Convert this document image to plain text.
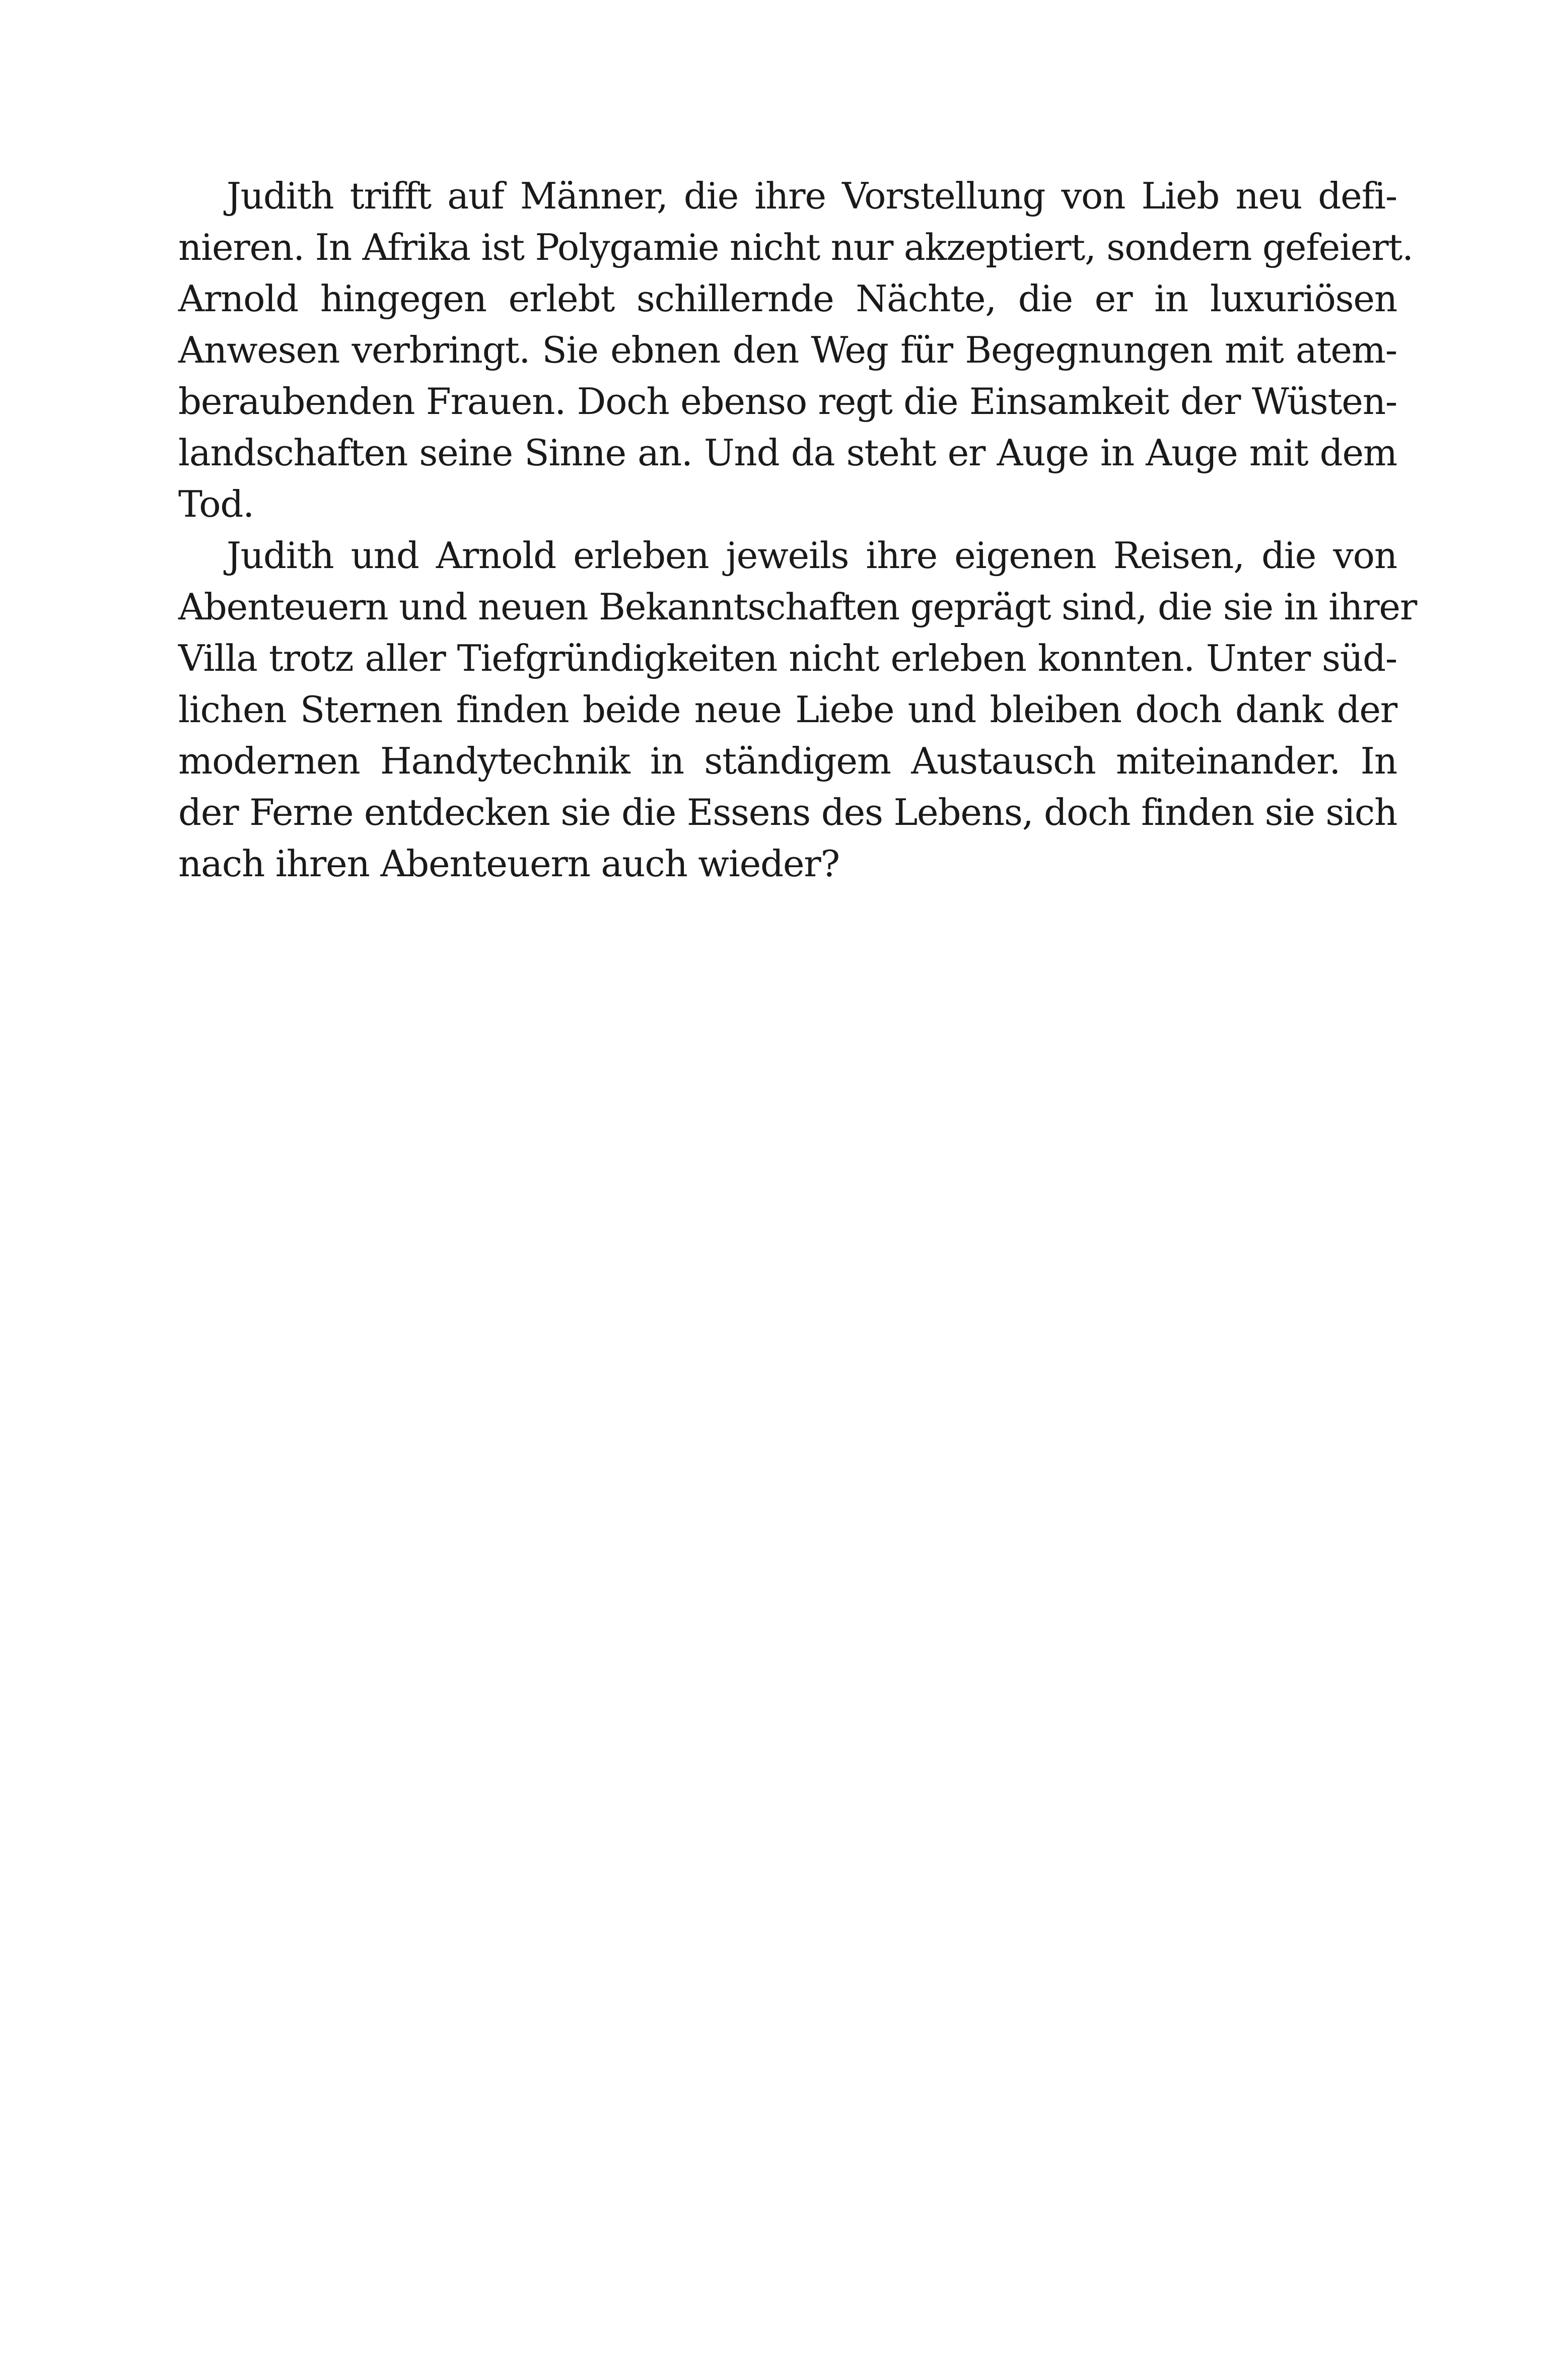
Judith trifft auf Männer, die ihre Vorstellung von Lieb neu defi-
nieren. In Afrika ist Polygamie nicht nur akzeptiert, sondern gefeiert.
Arnold hingegen erlebt schillernde Nächte, die er in luxuriösen
Anwesen verbringt. Sie ebnen den Weg für Begegnungen mit atem-
beraubenden Frauen. Doch ebenso regt die Einsamkeit der Wüsten-
landschaften seine Sinne an. Und da steht er Auge in Auge mit dem
Tod.
Judith und Arnold erleben jeweils ihre eigenen Reisen, die von
Abenteuern und neuen Bekanntschaften geprägt sind, die sie in ihrer
Villa trotz aller Tiefgründigkeiten nicht erleben konnten. Unter süd-
lichen Sternen finden beide neue Liebe und bleiben doch dank der
modernen Handytechnik in ständigem Austausch miteinander. In
der Ferne entdecken sie die Essens des Lebens, doch finden sie sich
nach ihren Abenteuern auch wieder?
